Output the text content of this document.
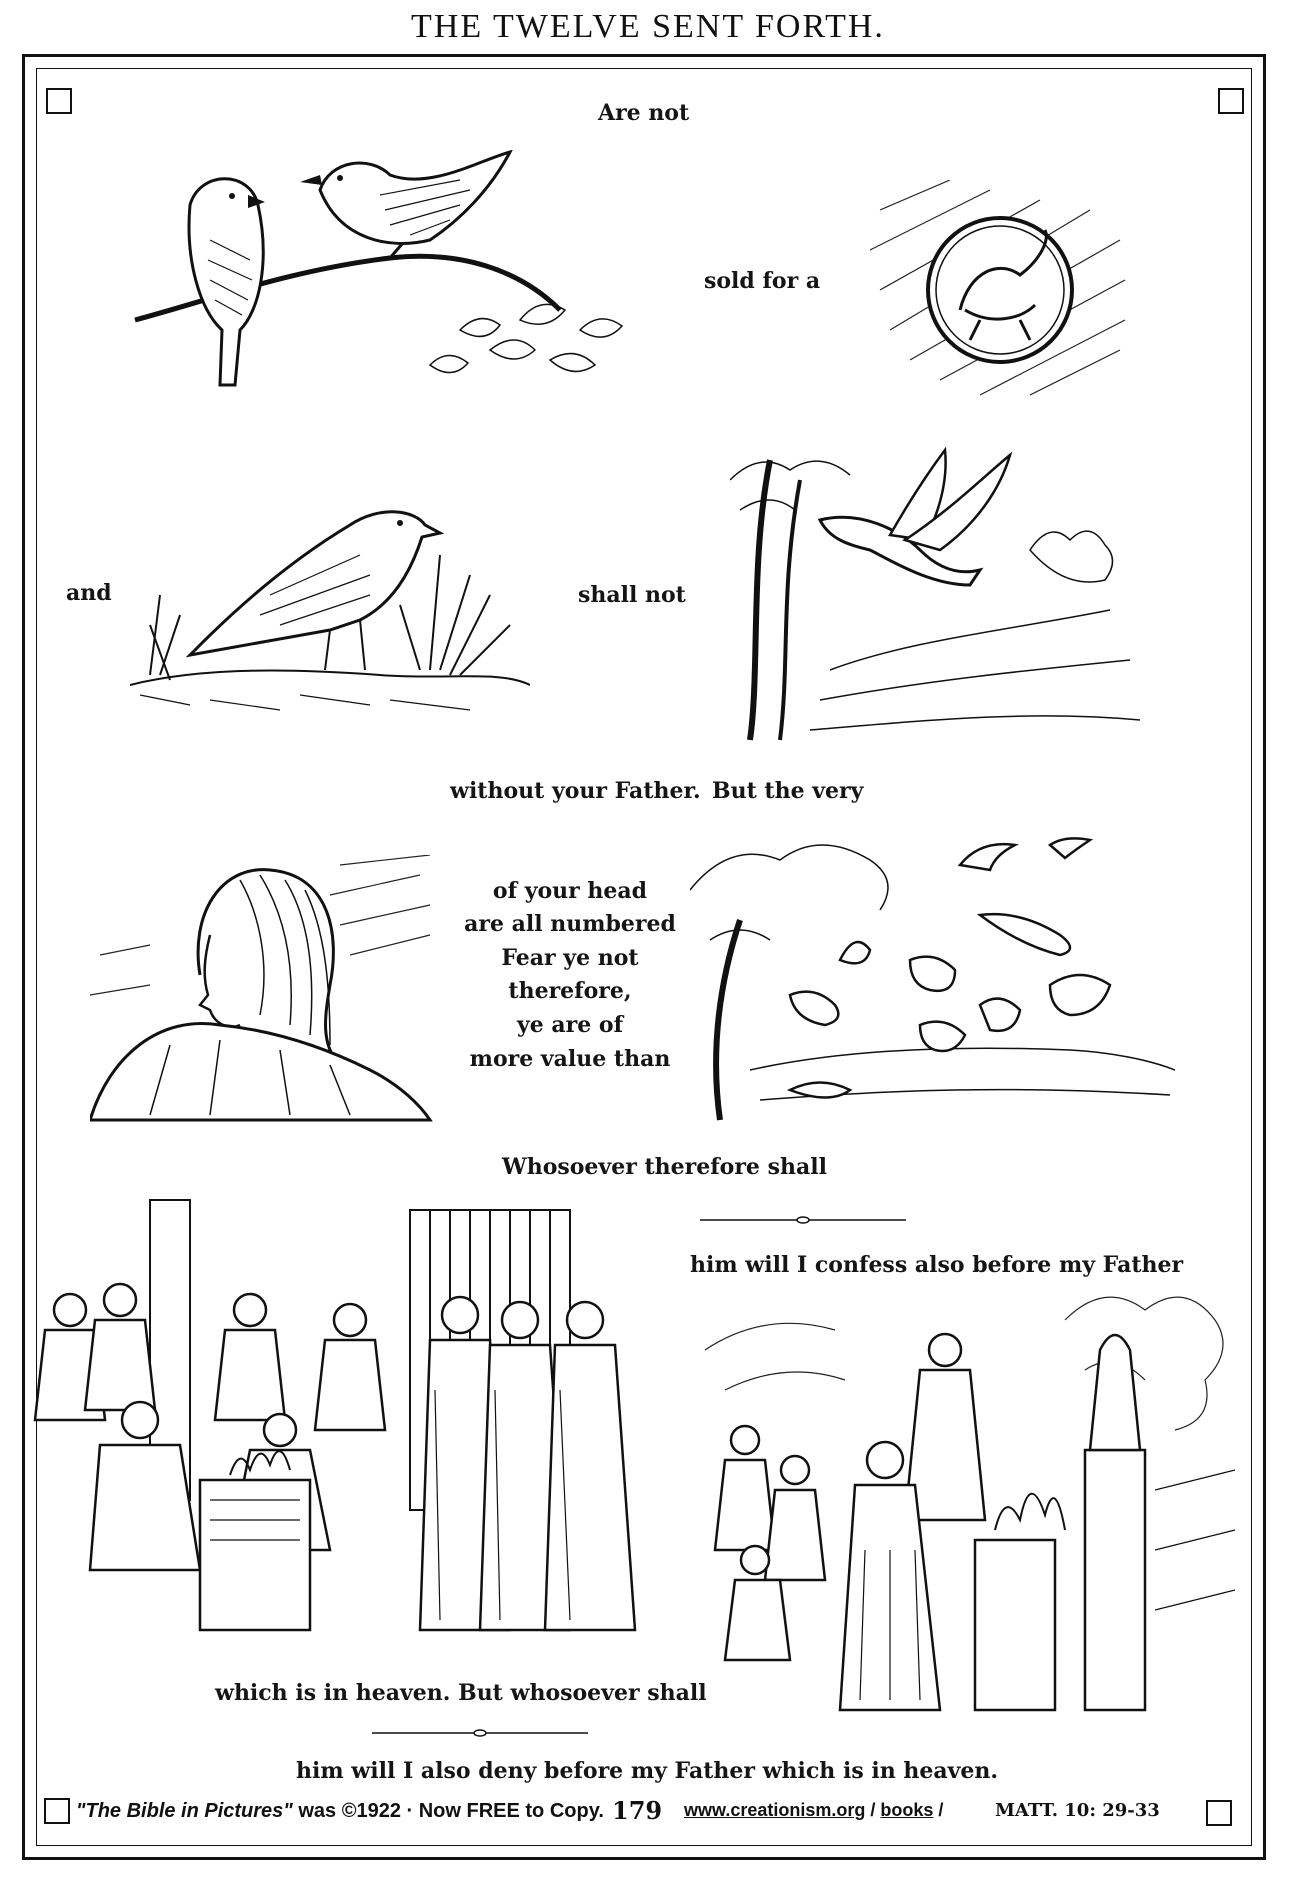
THE TWELVE SENT FORTH.
Are not
sold for a
and	shall not
without your Father. But the very
of your head
are all numbered
Fear ye not
therefore,
ye are of
more value than
Whosoever therefore shall
him will I confess also before my Father
which is in heaven. But whosoever shall
him will I also deny before my Father which is in heaven.
"The Bible in Pictures" was ©1922 · Now FREE to Copy. 179 www.creationism.org / books /	MATT. 10: 29-33
